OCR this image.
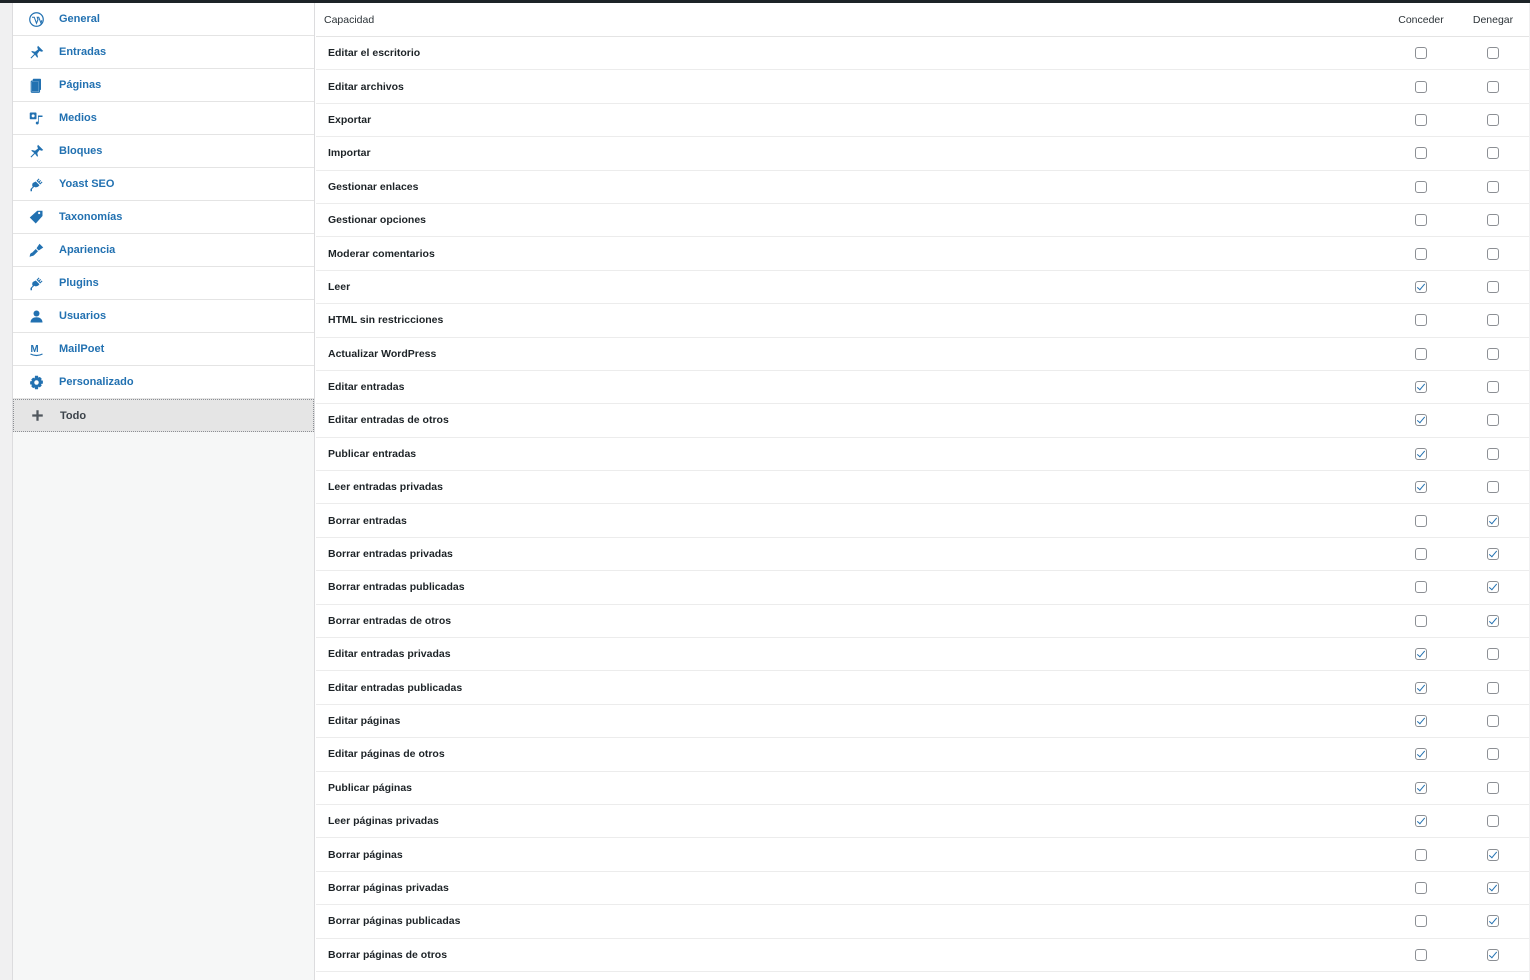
General
Entradas
Páginas
Medios
Bloques
Yoast SEO
Taxonomías
Apariencia
Plugins
Usuarios
M MailPoet
Personalizado
Todo
Capacidad	Conceder	Denegar
Editar el escritorio
Editar archivos
Exportar
Importar
Gestionar enlaces
Gestionar opciones
Moderar comentarios
Leer
HTML sin restricciones
Actualizar WordPress
Editar entradas
Editar entradas de otros
Publicar entradas
Leer entradas privadas
Borrar entradas
Borrar entradas privadas
Borrar entradas publicadas
Borrar entradas de otros
Editar entradas privadas
Editar entradas publicadas
Editar páginas
Editar páginas de otros
Publicar páginas
Leer páginas privadas
Borrar páginas
Borrar páginas privadas
Borrar páginas publicadas
Borrar páginas de otros
